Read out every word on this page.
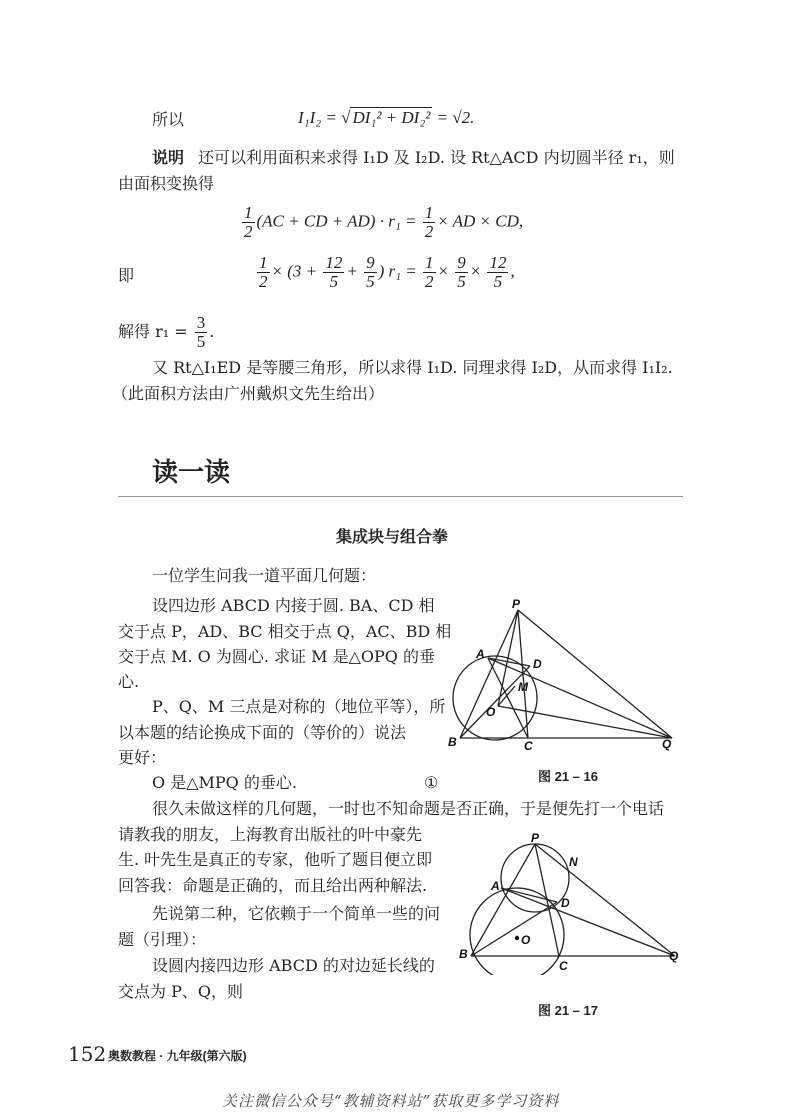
所以	I₁I₂ = √ DI₁² + DI₂² = √2.
说明 还可以利用面积来求得 I₁D 及 I₂D. 设 Rt△ACD 内切圆半径 r₁，则
由面积变换得
$\frac{1}{2} (AC$ + CD + $AD) \cdot r_1 = \frac{1}{2}$ × AD × CD,
即	$\frac{1}{2} \times (3 + \frac{12}{5} + \frac{9}{5}$ ) $r_1 = \frac{1}{2} \times \frac{9}{5} \times \frac{12}{5}$ ,
解得 $r_1 = \frac{3}{5}$ .
又 Rt△I₁ED 是等腰三角形，所以求得 I₁D. 同理求得 I₂D，从而求得 I₁I₂.
（此面积方法由广州戴炽文先生给出）
读一读
集成块与组合拳
一位学生问我一道平面几何题：
设四边形 ABCD 内接于圆. BA、CD 相
交于点 P，AD、BC 相交于点 Q，AC、BD 相
交于点 M. O 为圆心. 求证 M 是△OPQ 的垂
心.
P、Q、M 三点是对称的（地位平等），所
以本题的结论换成下面的（等价的）说法
更好：
O 是△MPQ 的垂心.	①
很久未做这样的几何题，一时也不知命题是否正确，于是便先打一个电话
请教我的朋友，上海教育出版社的叶中豪先
生. 叶先生是真正的专家，他听了题目便立即
回答我：命题是正确的，而且给出两种解法.
先说第二种，它依赖于一个简单一些的问
题（引理）：
设圆内接四边形 ABCD 的对边延长线的
交点为 P、Q，则
P
A
D
M
O
B	C	Q
图 21 – 16
P
N
A
D
O
B
C
Q
图 21 – 17
152 奥数教程 · 九年级(第六版)
关注微信公众号“教辅资料站”获取更多学习资料
